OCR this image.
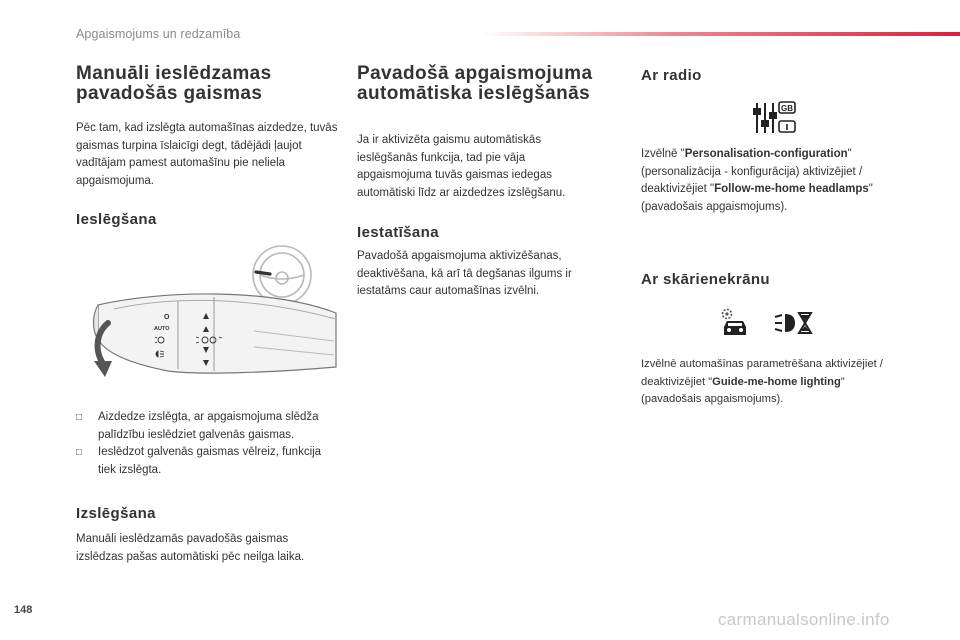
Apgaismojums un redzamība
Manuāli ieslēdzamas
pavadošās gaismas

Pēc tam, kad izslēgta automašīnas aizdedze, tuvās gaismas turpina īslaicīgi degt, tādējādi ļaujot vadītājam pamest automašīnu pie neliela apgaismojuma.

Ieslēgšana
O
AUTO
□	Aizdedze izslēgta, ar apgaismojuma slēdža palīdzību ieslēdziet galvenās gaismas.
□	Ieslēdzot galvenās gaismas vēlreiz, funkcija tiek izslēgta.
Izslēgšana

Manuāli ieslēdzamās pavadošās gaismas izslēdzas pašas automātiski pēc neilga laika.

Pavadošā apgaismojuma
automātiska ieslēgšanās

Ja ir aktivizēta gaismu automātiskās ieslēgšanās funkcija, tad pie vāja apgaismojuma tuvās gaismas iedegas automātiski līdz ar aizdedzes izslēgšanu.

Iestatīšana

Pavadošā apgaismojuma aktivizēšanas, deaktivēšana, kā arī tā degšanas ilgums ir iestatāms caur automašīnas izvēlni.

Ar radio
GB

Izvēlnē "Personalisation-configuration" (personalizācija - konfigurācija) aktivizējiet / deaktivizējiet "Follow-me-home headlamps" (pavadošais apgaismojums).

Ar skārienekrānu

Izvēlnē automašīnas parametrēšana aktivizējiet / deaktivizējiet "Guide-me-home lighting" (pavadošais apgaismojums).

148	carmanualsonline.info
